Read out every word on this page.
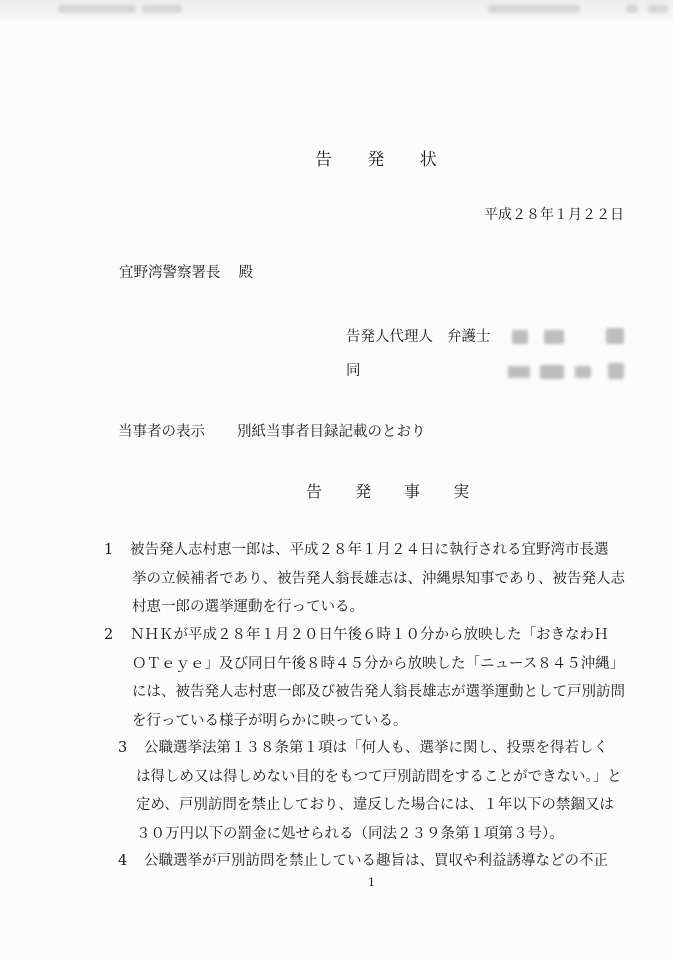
告 発 状
平成２８年１月２２日
宜野湾警察署長 殿
告発人代理人 弁護士
同
当事者の表示 別紙当事者目録記載のとおり
告 発 事 実
1 被告発人志村恵一郎は、平成２８年１月２４日に執行される宜野湾市長選
挙の立候補者であり、被告発人翁長雄志は、沖縄県知事であり、被告発人志
村恵一郎の選挙運動を行っている。
2 ＮＨＫが平成２８年１月２０日午後６時１０分から放映した「おきなわＨ
ＯＴｅｙｅ」及び同日午後８時４５分から放映した「ニュース８４５沖縄」
には、被告発人志村恵一郎及び被告発人翁長雄志が選挙運動として戸別訪問
を行っている様子が明らかに映っている。
3 公職選挙法第１３８条第１項は「何人も、選挙に関し、投票を得若しく
は得しめ又は得しめない目的をもつて戸別訪問をすることができない。」と
定め、戸別訪問を禁止しており、違反した場合には、１年以下の禁錮又は
３０万円以下の罰金に処せられる（同法２３９条第１項第３号）。
4 公職選挙が戸別訪問を禁止している趣旨は、買収や利益誘導などの不正
1
